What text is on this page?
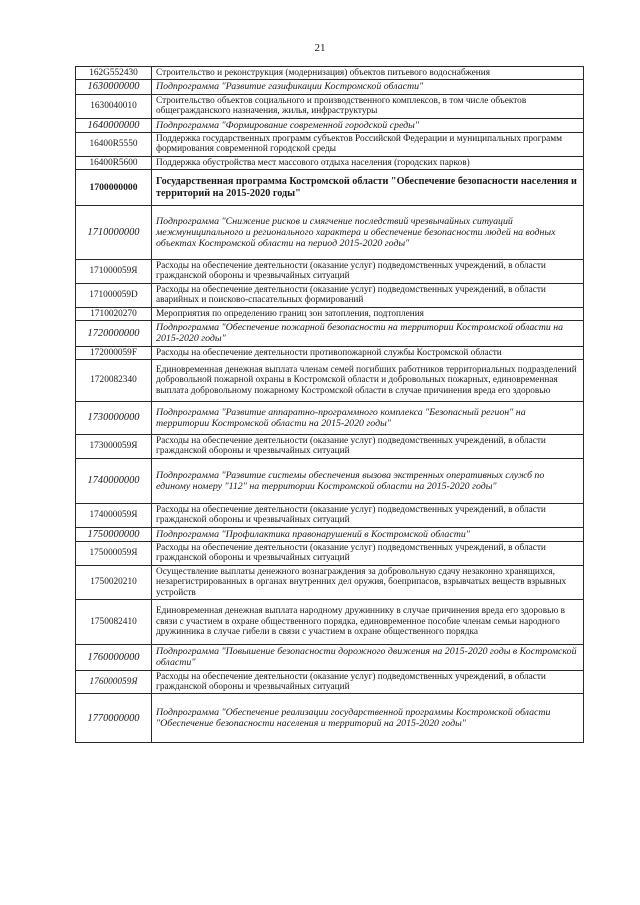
21
162G552430	Строительство и реконструкция (модернизация) объектов питьевого водоснабжения
1630000000	Подпрограмма "Развитие газификации Костромской области"
1630040010	Строительство объектов социального и производственного комплексов, в том числе объектов общегражданского назначения, жилья, инфраструктуры
1640000000	Подпрограмма "Формирование современной городской среды"
16400R5550	Поддержка государственных программ субъектов Российской Федерации и муниципальных программ формирования современной городской среды
16400R5600	Поддержка обустройства мест массового отдыха населения (городских парков)
1700000000	Государственная программа Костромской области "Обеспечение безопасности населения и территорий на 2015-2020 годы"
1710000000	Подпрограмма "Снижение рисков и смягчение последствий чрезвычайных ситуаций межмуниципального и регионального характера и обеспечение безопасности людей на водных объектах Костромской области на период 2015-2020 годы"
171000059Я	Расходы на обеспечение деятельности (оказание услуг) подведомственных учреждений, в области гражданской обороны и чрезвычайных ситуаций
171000059D	Расходы на обеспечение деятельности (оказание услуг) подведомственных учреждений, в области аварийных и поисково-спасательных формирований
1710020270	Мероприятия по определению границ зон затопления, подтопления
1720000000	Подпрограмма "Обеспечение пожарной безопасности на территории Костромской области на 2015-2020 годы"
172000059F	Расходы на обеспечение деятельности противопожарной службы Костромской области
1720082340	Единовременная денежная выплата членам семей погибших работников территориальных подразделений добровольной пожарной охраны в Костромской области и добровольных пожарных, единовременная выплата добровольному пожарному Костромской области в случае причинения вреда его здоровью
1730000000	Подпрограмма "Развитие аппаратно-программного комплекса "Безопасный регион" на территории Костромской области на 2015-2020 годы"
173000059Я	Расходы на обеспечение деятельности (оказание услуг) подведомственных учреждений, в области гражданской обороны и чрезвычайных ситуаций
1740000000	Подпрограмма "Развитие системы обеспечения вызова экстренных оперативных служб по единому номеру "112" на территории Костромской области на 2015-2020 годы"
174000059Я	Расходы на обеспечение деятельности (оказание услуг) подведомственных учреждений, в области гражданской обороны и чрезвычайных ситуаций
1750000000	Подпрограмма "Профилактика правонарушений в Костромской области"
175000059Я	Расходы на обеспечение деятельности (оказание услуг) подведомственных учреждений, в области гражданской обороны и чрезвычайных ситуаций
1750020210	Осуществление выплаты денежного вознаграждения за добровольную сдачу незаконно хранящихся, незарегистрированных в органах внутренних дел оружия, боеприпасов, взрывчатых веществ взрывных устройств
1750082410	Единовременная денежная выплата народному дружиннику в случае причинения вреда его здоровью в связи с участием в охране общественного порядка, единовременное пособие членам семьи народного дружинника в случае гибели в связи с участием в охране общественного порядка
1760000000	Подпрограмма "Повышение безопасности дорожного движения на 2015-2020 годы в Костромской области"
176000059Я	Расходы на обеспечение деятельности (оказание услуг) подведомственных учреждений, в области гражданской обороны и чрезвычайных ситуаций
1770000000	Подпрограмма "Обеспечение реализации государственной программы Костромской области "Обеспечение безопасности населения и территорий на 2015-2020 годы"
